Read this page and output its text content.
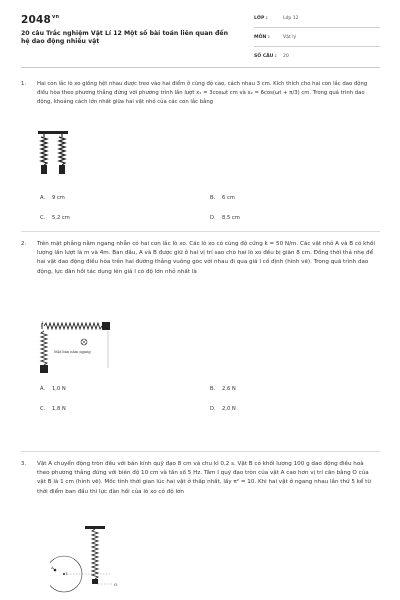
$2048^{vn}$
20 câu Trắc nghiệm Vật Lí 12 Một số bài toán liên quan đến hệ dao động nhiều vật
LỚP :	Lớp 12
MÔN :	Vật lý
SỐ CÂU : 20
1.	Hai con lắc lò xo giống hệt nhau được treo vào hai điểm ở cùng độ cao, cách nhau 3 cm. Kích thích cho hai con lắc dao động điều hòa theo phương thẳng đứng với phương trình lần lượt x₁ = 3cosωt cm và x₂ = 6cos(ωt + π/3) cm. Trong quá trình dao động, khoảng cách lớn nhất giữa hai vật nhỏ của các con lắc bằng
A. 9 cm	B. 6 cm
C. 5,2 cm	D. 8,5 cm
2.	Trên mặt phẳng nằm ngang nhẵn có hai con lắc lò xo. Các lò xo có cùng độ cứng k = 50 N/m. Các vật nhỏ A và B có khối lượng lần lượt là m và 4m. Ban đầu, A và B được giữ ở hai vị trí sao cho hai lò xo đều bị giãn 8 cm. Đồng thời thả nhẹ để hai vật dao động điều hòa trên hai đường thẳng vuông góc với nhau đi qua giá I cố định (hình vẽ). Trong quá trình dao động, lực đàn hồi tác dụng lên giá I có độ lớn nhỏ nhất là
I
Mặt bàn nằm ngang
A. 1,0 N	B. 2,6 N
C. 1,8 N	D. 2,0 N
3.	Vật A chuyển động tròn đều với bán kính quỹ đạo 8 cm và chu kì 0,2 s. Vật B có khối lượng 100 g dao động điều hoà theo phương thẳng đứng với biên độ 10 cm và tần số 5 Hz. Tâm I quỹ đạo tròn của vật A cao hơn vị trí cân bằng O của vật B là 1 cm (hình vẽ). Mốc tính thời gian lúc hai vật ở thấp nhất, lấy π² = 10. Khi hai vật ở ngang nhau lần thứ 5 kể từ thời điểm ban đầu thì lực đàn hồi của lò xo có độ lớn
A
I
O
